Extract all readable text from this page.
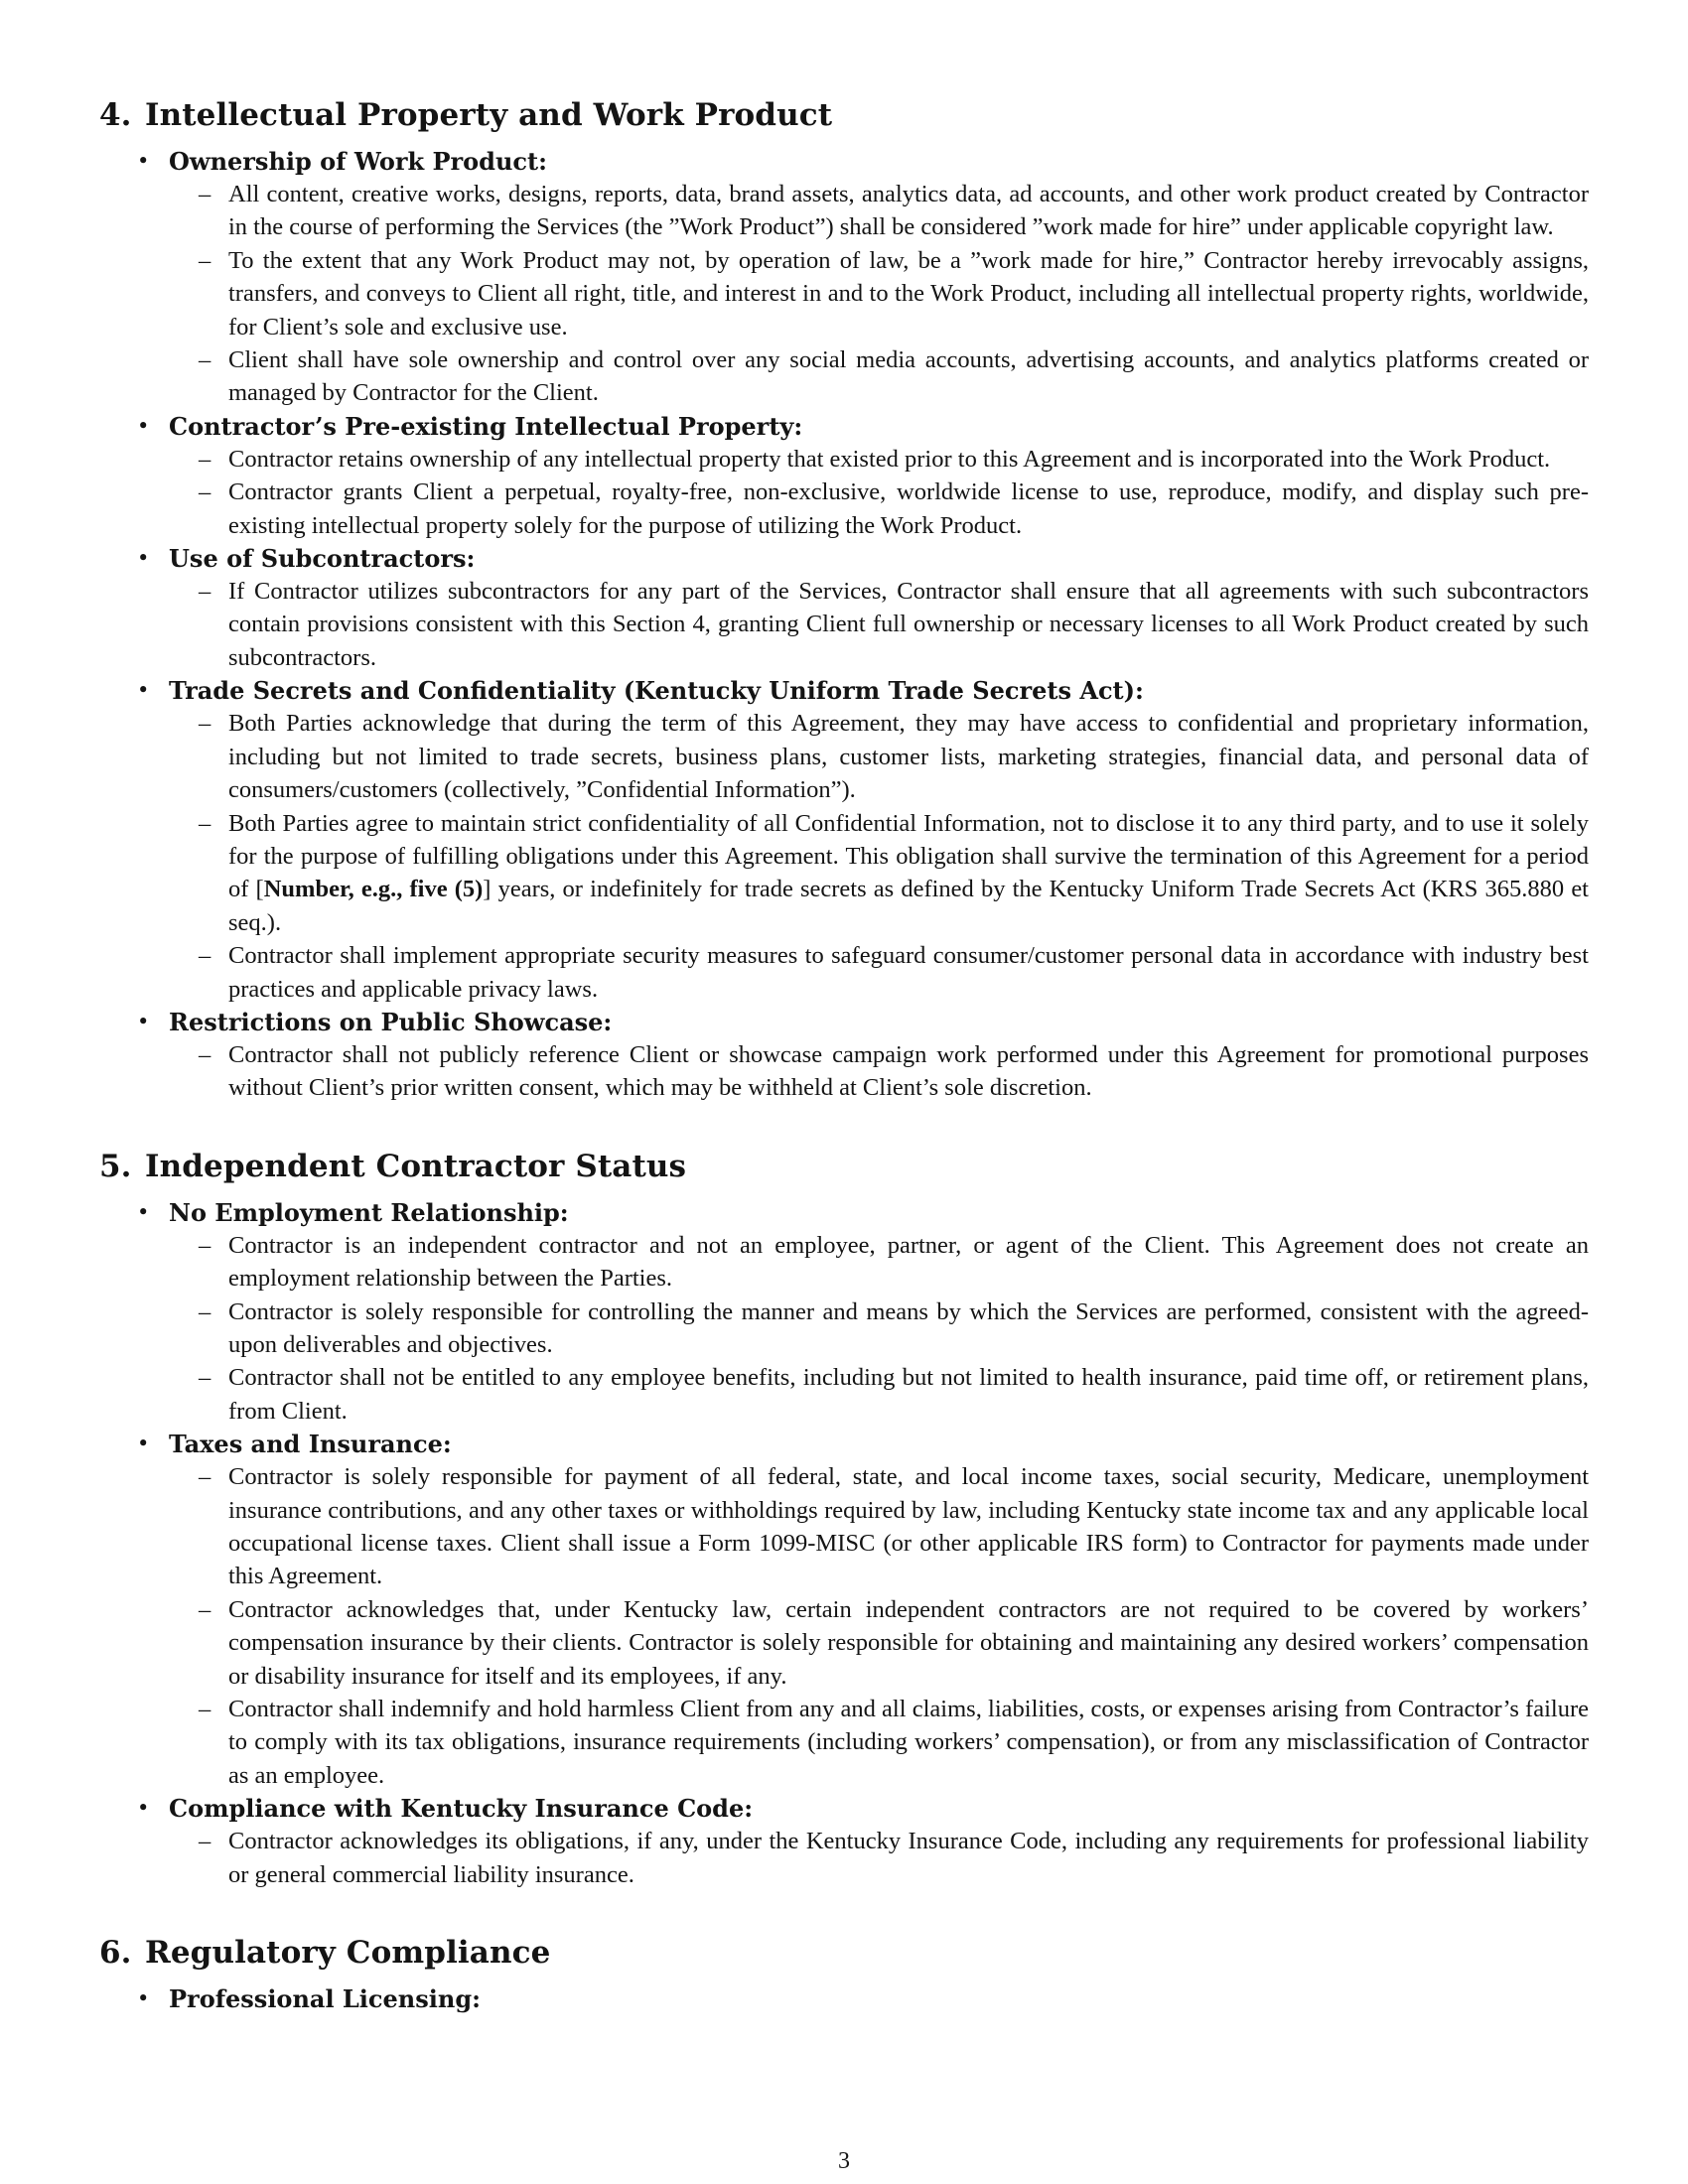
4. Intellectual Property and Work Product
• Ownership of Work Product:

– All content, creative works, designs, reports, data, brand assets, analytics data, ad accounts, and other work product created by Contractor in the course of performing the Services (the ”Work Product”) shall be considered ”work made for hire” under applicable copyright law.
– To the extent that any Work Product may not, by operation of law, be a ”work made for hire,” Contractor hereby irrevocably assigns, transfers, and conveys to Client all right, title, and interest in and to the Work Product, including all intellectual property rights, worldwide, for Client’s sole and exclusive use.
– Client shall have sole ownership and control over any social media accounts, advertising accounts, and analytics platforms created or managed by Contractor for the Client.
• Contractor’s Pre-existing Intellectual Property:

– Contractor retains ownership of any intellectual property that existed prior to this Agreement and is incorporated into the Work Product.
– Contractor grants Client a perpetual, royalty-free, non-exclusive, worldwide license to use, reproduce, modify, and display such pre-existing intellectual property solely for the purpose of utilizing the Work Product.
• Use of Subcontractors:

– If Contractor utilizes subcontractors for any part of the Services, Contractor shall ensure that all agreements with such subcontractors contain provisions consistent with this Section 4, granting Client full ownership or necessary licenses to all Work Product created by such subcontractors.
• Trade Secrets and Confidentiality (Kentucky Uniform Trade Secrets Act):

– Both Parties acknowledge that during the term of this Agreement, they may have access to confidential and proprietary information, including but not limited to trade secrets, business plans, customer lists, marketing strategies, financial data, and personal data of consumers/customers (collectively, ”Confidential Information”).
– Both Parties agree to maintain strict confidentiality of all Confidential Information, not to disclose it to any third party, and to use it solely for the purpose of fulfilling obligations under this Agreement. This obligation shall survive the termination of this Agreement for a period of [Number, e.g., five (5)] years, or indefinitely for trade secrets as defined by the Kentucky Uniform Trade Secrets Act (KRS 365.880 et seq.).
– Contractor shall implement appropriate security measures to safeguard consumer/customer personal data in accordance with industry best practices and applicable privacy laws.
• Restrictions on Public Showcase:

– Contractor shall not publicly reference Client or showcase campaign work performed under this Agreement for promotional purposes without Client’s prior written consent, which may be withheld at Client’s sole discretion.
5. Independent Contractor Status
• No Employment Relationship:

– Contractor is an independent contractor and not an employee, partner, or agent of the Client. This Agreement does not create an employment relationship between the Parties.
– Contractor is solely responsible for controlling the manner and means by which the Services are performed, consistent with the agreed-upon deliverables and objectives.
– Contractor shall not be entitled to any employee benefits, including but not limited to health insurance, paid time off, or retirement plans, from Client.
• Taxes and Insurance:

– Contractor is solely responsible for payment of all federal, state, and local income taxes, social security, Medicare, unemployment insurance contributions, and any other taxes or withholdings required by law, including Kentucky state income tax and any applicable local occupational license taxes. Client shall issue a Form 1099-MISC (or other applicable IRS form) to Contractor for payments made under this Agreement.
– Contractor acknowledges that, under Kentucky law, certain independent contractors are not required to be covered by workers’ compensation insurance by their clients. Contractor is solely responsible for obtaining and maintaining any desired workers’ compensation or disability insurance for itself and its employees, if any.
– Contractor shall indemnify and hold harmless Client from any and all claims, liabilities, costs, or expenses arising from Contractor’s failure to comply with its tax obligations, insurance requirements (including workers’ compensation), or from any misclassification of Contractor as an employee.
• Compliance with Kentucky Insurance Code:

– Contractor acknowledges its obligations, if any, under the Kentucky Insurance Code, including any requirements for professional liability or general commercial liability insurance.
6. Regulatory Compliance
• Professional Licensing:

3
